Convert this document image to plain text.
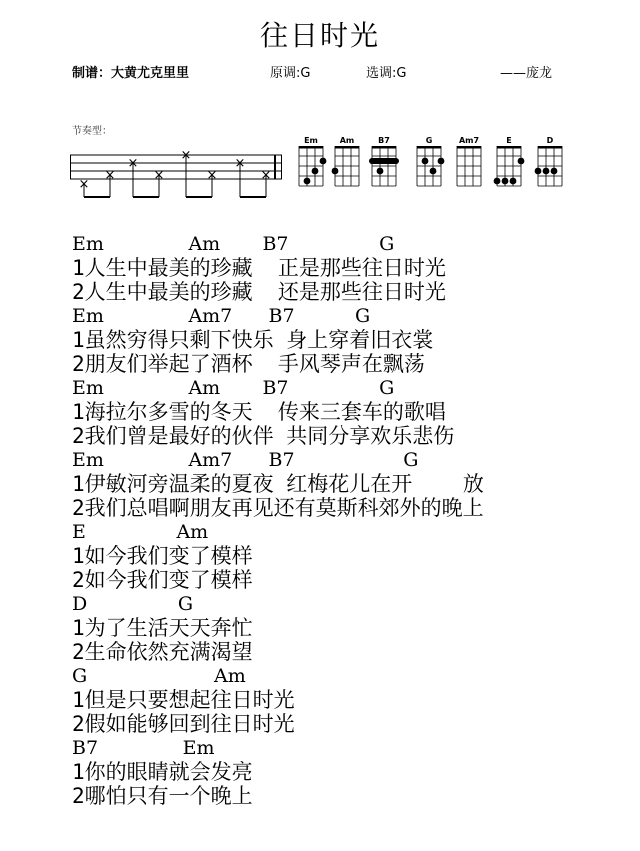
往日时光
制谱：大黄尤克里里	原调:G	选调:G	——庞龙
节奏型：
×
×
×
×
×
×
×
×
Em	Am	B7	G	Am7	E	D
Em              Am       B7               G
1人生中最美的珍藏  正是那些往日时光
2人生中最美的珍藏  还是那些往日时光
Em              Am7      B7          G
1虽然穷得只剩下快乐 身上穿着旧衣裳
2朋友们举起了酒杯  手风琴声在飘荡
Em              Am       B7               G
1海拉尔多雪的冬天  传来三套车的歌唱
2我们曾是最好的伙伴 共同分享欢乐悲伤
Em              Am7      B7                  G
1伊敏河旁温柔的夏夜 红梅花儿在开    放
2我们总唱啊朋友再见还有莫斯科郊外的晚上
E               Am
1如今我们变了模样
2如今我们变了模样
D               G
1为了生活天天奔忙
2生命依然充满渴望
G                     Am
1但是只要想起往日时光
2假如能够回到往日时光
B7              Em
1你的眼睛就会发亮
2哪怕只有一个晚上
